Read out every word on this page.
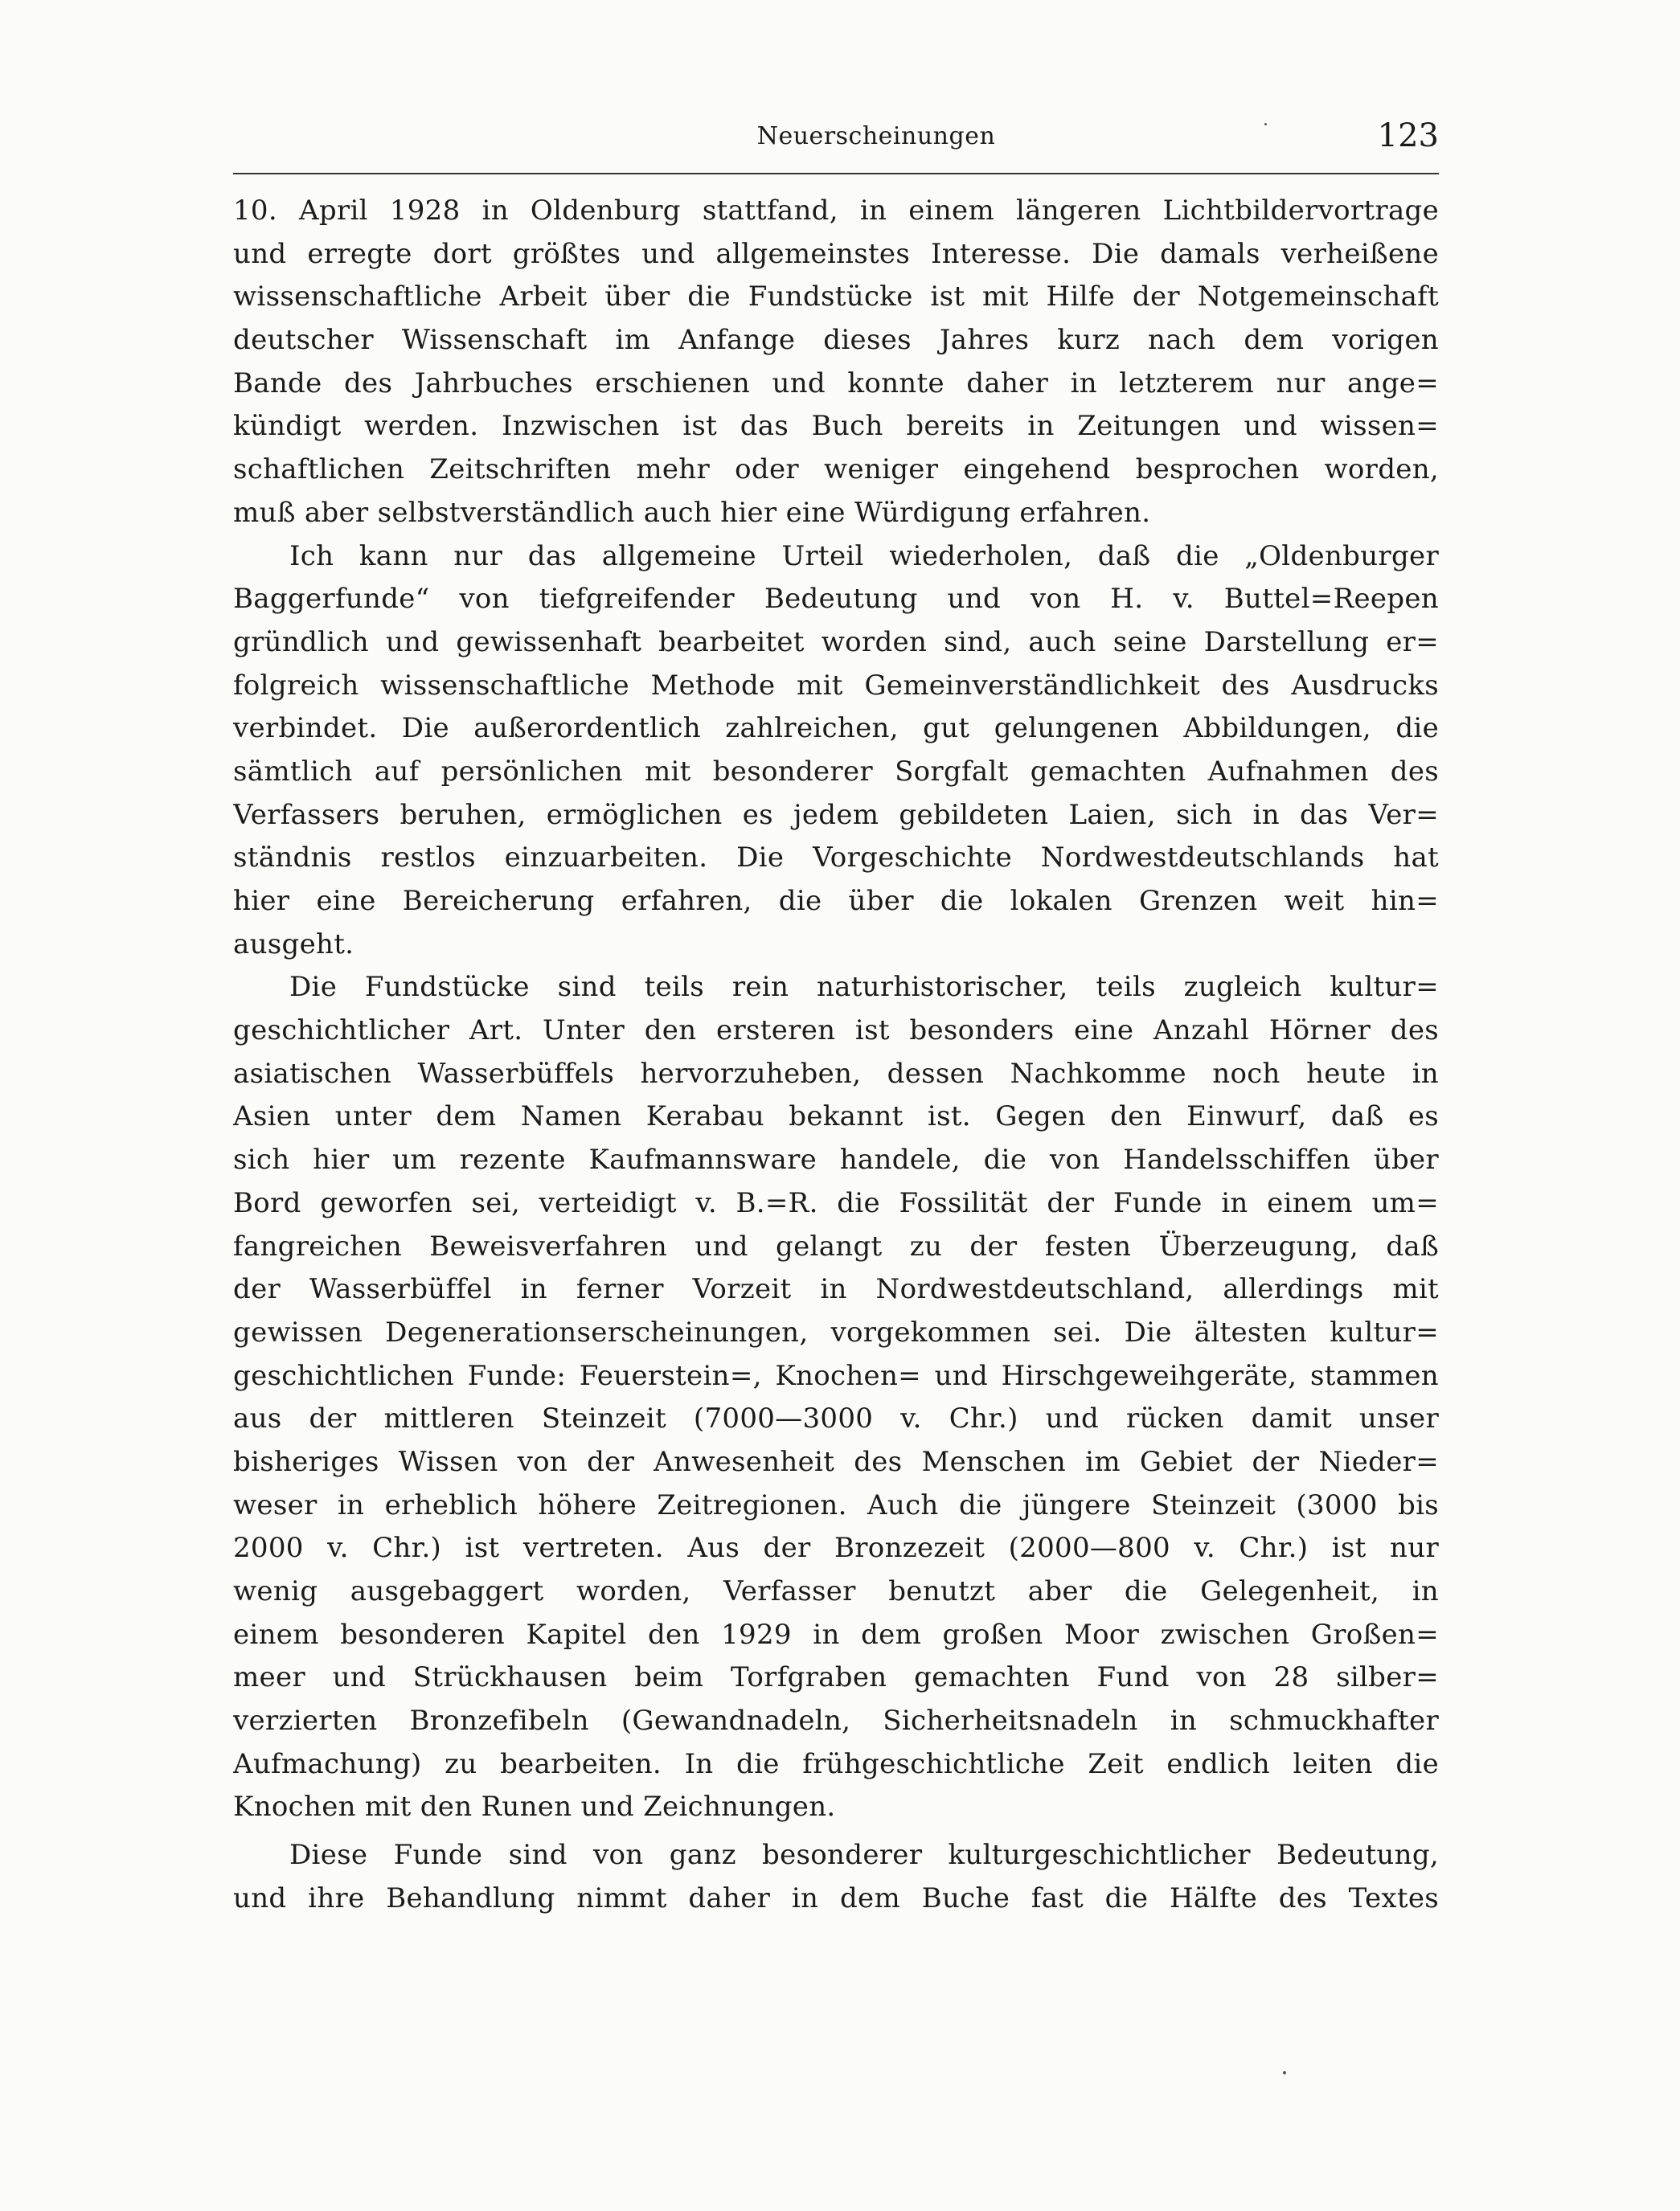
Neuerscheinungen	123
10. April 1928 in Oldenburg stattfand, in einem längeren Lichtbildervortrage
und erregte dort größtes und allgemeinstes Interesse. Die damals verheißene
wissenschaftliche Arbeit über die Fundstücke ist mit Hilfe der Notgemeinschaft
deutscher Wissenschaft im Anfange dieses Jahres kurz nach dem vorigen
Bande des Jahrbuches erschienen und konnte daher in letzterem nur ange=
kündigt werden. Inzwischen ist das Buch bereits in Zeitungen und wissen=
schaftlichen Zeitschriften mehr oder weniger eingehend besprochen worden,
muß aber selbstverständlich auch hier eine Würdigung erfahren.
Ich kann nur das allgemeine Urteil wiederholen, daß die „Oldenburger
Baggerfunde“ von tiefgreifender Bedeutung und von H. v. Buttel=Reepen
gründlich und gewissenhaft bearbeitet worden sind, auch seine Darstellung er=
folgreich wissenschaftliche Methode mit Gemeinverständlichkeit des Ausdrucks
verbindet. Die außerordentlich zahlreichen, gut gelungenen Abbildungen, die
sämtlich auf persönlichen mit besonderer Sorgfalt gemachten Aufnahmen des
Verfassers beruhen, ermöglichen es jedem gebildeten Laien, sich in das Ver=
ständnis restlos einzuarbeiten. Die Vorgeschichte Nordwestdeutschlands hat
hier eine Bereicherung erfahren, die über die lokalen Grenzen weit hin=
ausgeht.
Die Fundstücke sind teils rein naturhistorischer, teils zugleich kultur=
geschichtlicher Art. Unter den ersteren ist besonders eine Anzahl Hörner des
asiatischen Wasserbüffels hervorzuheben, dessen Nachkomme noch heute in
Asien unter dem Namen Kerabau bekannt ist. Gegen den Einwurf, daß es
sich hier um rezente Kaufmannsware handele, die von Handelsschiffen über
Bord geworfen sei, verteidigt v. B.=R. die Fossilität der Funde in einem um=
fangreichen Beweisverfahren und gelangt zu der festen Überzeugung, daß
der Wasserbüffel in ferner Vorzeit in Nordwestdeutschland, allerdings mit
gewissen Degenerationserscheinungen, vorgekommen sei. Die ältesten kultur=
geschichtlichen Funde: Feuerstein=, Knochen= und Hirschgeweihgeräte, stammen
aus der mittleren Steinzeit (7000—3000 v. Chr.) und rücken damit unser
bisheriges Wissen von der Anwesenheit des Menschen im Gebiet der Nieder=
weser in erheblich höhere Zeitregionen. Auch die jüngere Steinzeit (3000 bis
2000 v. Chr.) ist vertreten. Aus der Bronzezeit (2000—800 v. Chr.) ist nur
wenig ausgebaggert worden, Verfasser benutzt aber die Gelegenheit, in
einem besonderen Kapitel den 1929 in dem großen Moor zwischen Großen=
meer und Strückhausen beim Torfgraben gemachten Fund von 28 silber=
verzierten Bronzefibeln (Gewandnadeln, Sicherheitsnadeln in schmuckhafter
Aufmachung) zu bearbeiten. In die frühgeschichtliche Zeit endlich leiten die
Knochen mit den Runen und Zeichnungen.
Diese Funde sind von ganz besonderer kulturgeschichtlicher Bedeutung,
und ihre Behandlung nimmt daher in dem Buche fast die Hälfte des Textes
